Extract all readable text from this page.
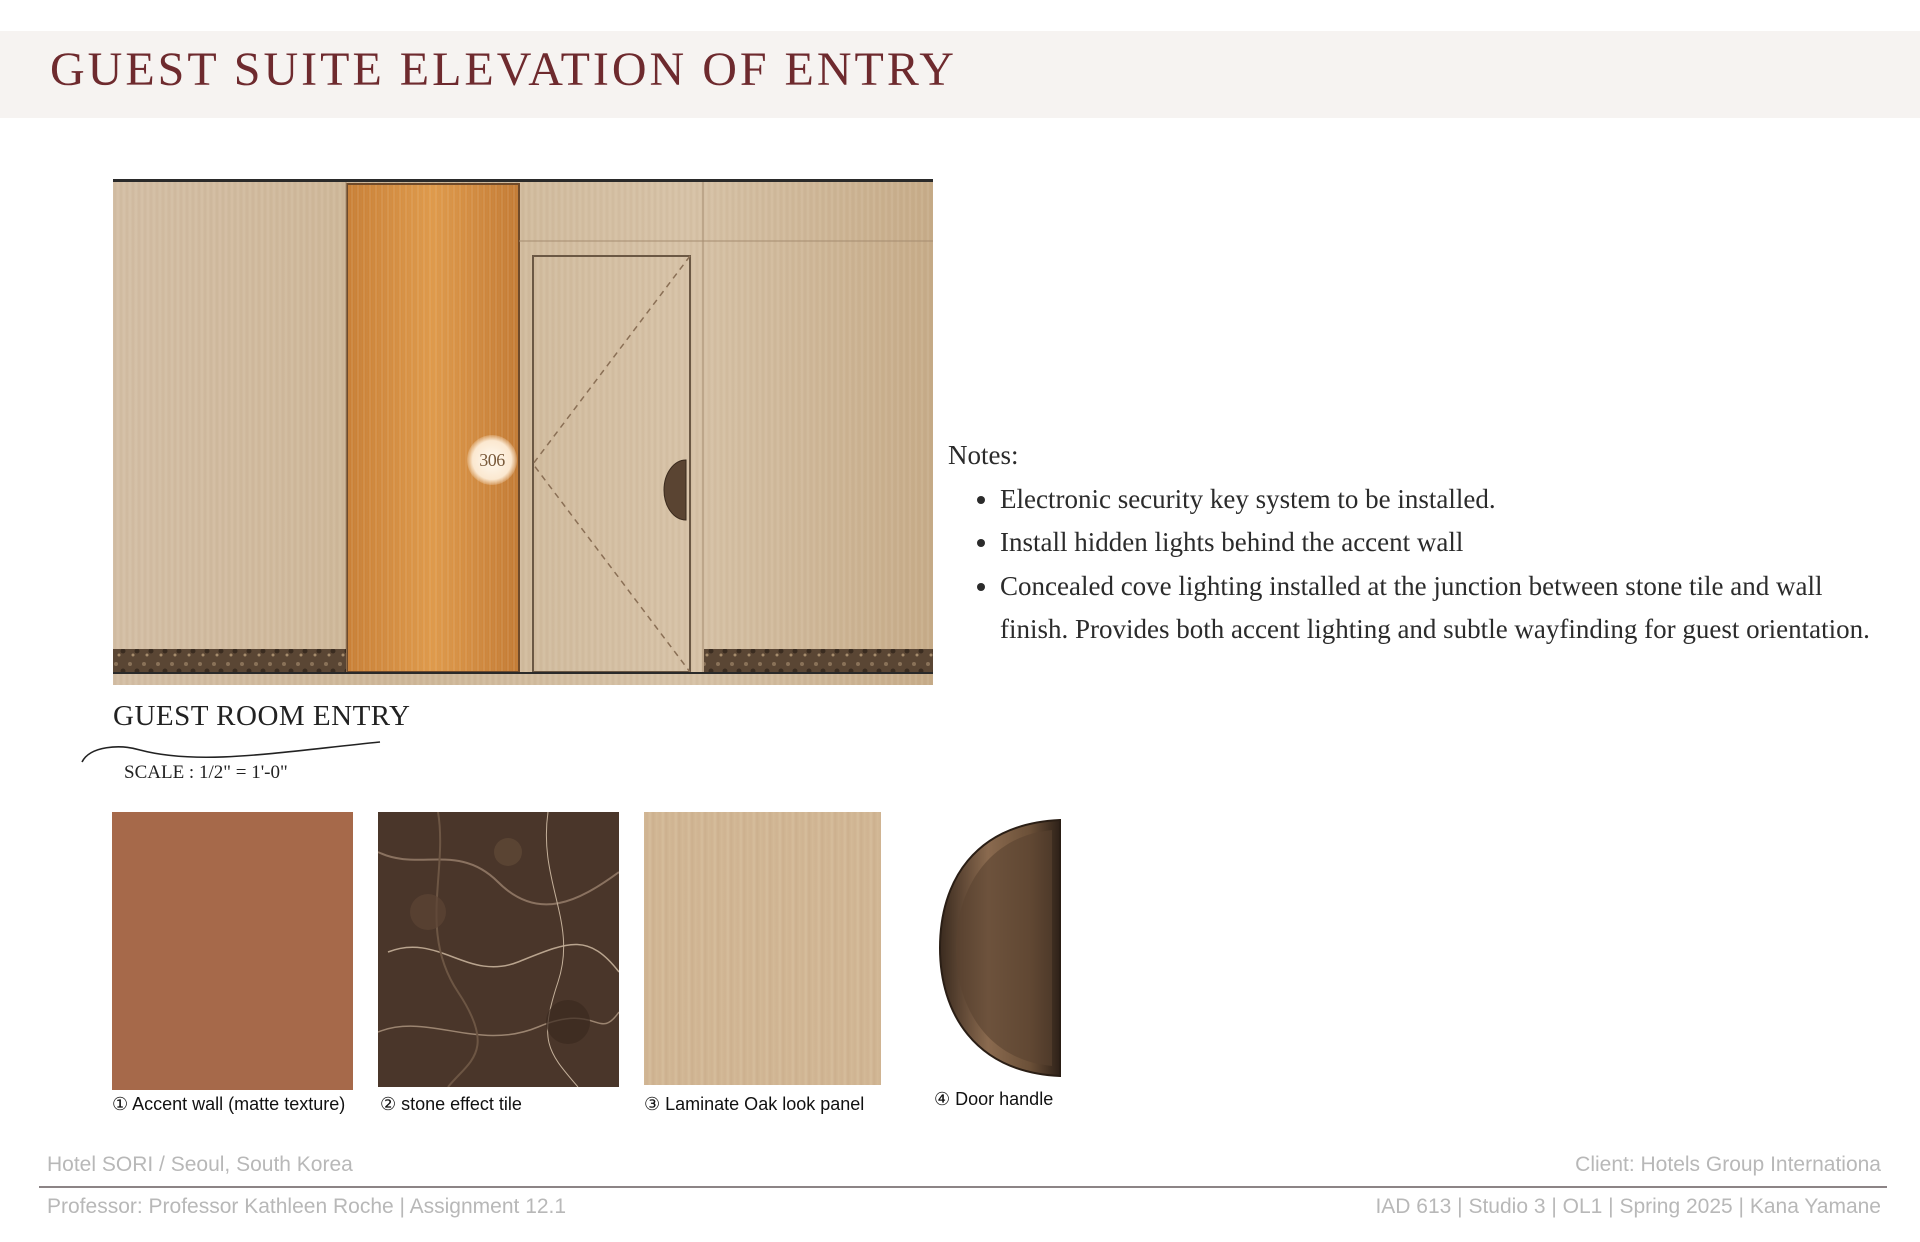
GUEST SUITE ELEVATION OF ENTRY
306	Notes:

• Electronic security key system to be installed.
• Install hidden lights behind the accent wall
• Concealed cove lighting installed at the junction between stone tile and wall finish. Provides both accent lighting and subtle wayfinding for guest orientation.
GUEST ROOM ENTRY
SCALE : 1/2" = 1'-0"
① Accent wall (matte texture) ② stone effect tile	③ Laminate Oak look panel	④ Door handle
Hotel SORI / Seoul, South Korea	Client: Hotels Group Internationa
Professor: Professor Kathleen Roche | Assignment 12.1	IAD 613 | Studio 3 | OL1 | Spring 2025 | Kana Yamane
